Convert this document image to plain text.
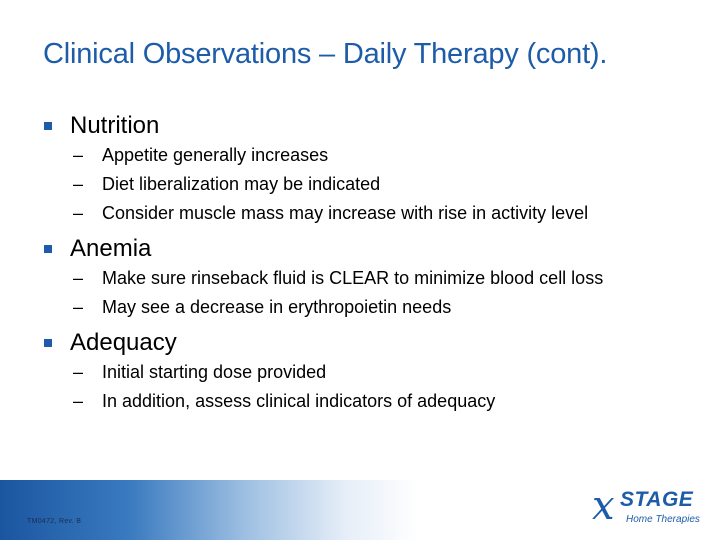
Clinical Observations – Daily Therapy (cont).
Nutrition
– Appetite generally increases
– Diet liberalization may be indicated
– Consider muscle mass may increase with rise in activity level
Anemia
– Make sure rinseback fluid is CLEAR to minimize blood cell loss
– May see a decrease in erythropoietin needs
Adequacy
– Initial starting dose provided
– In addition, assess clinical indicators of adequacy
TM0472, Rev. B	x STAGE
Home Therapies
